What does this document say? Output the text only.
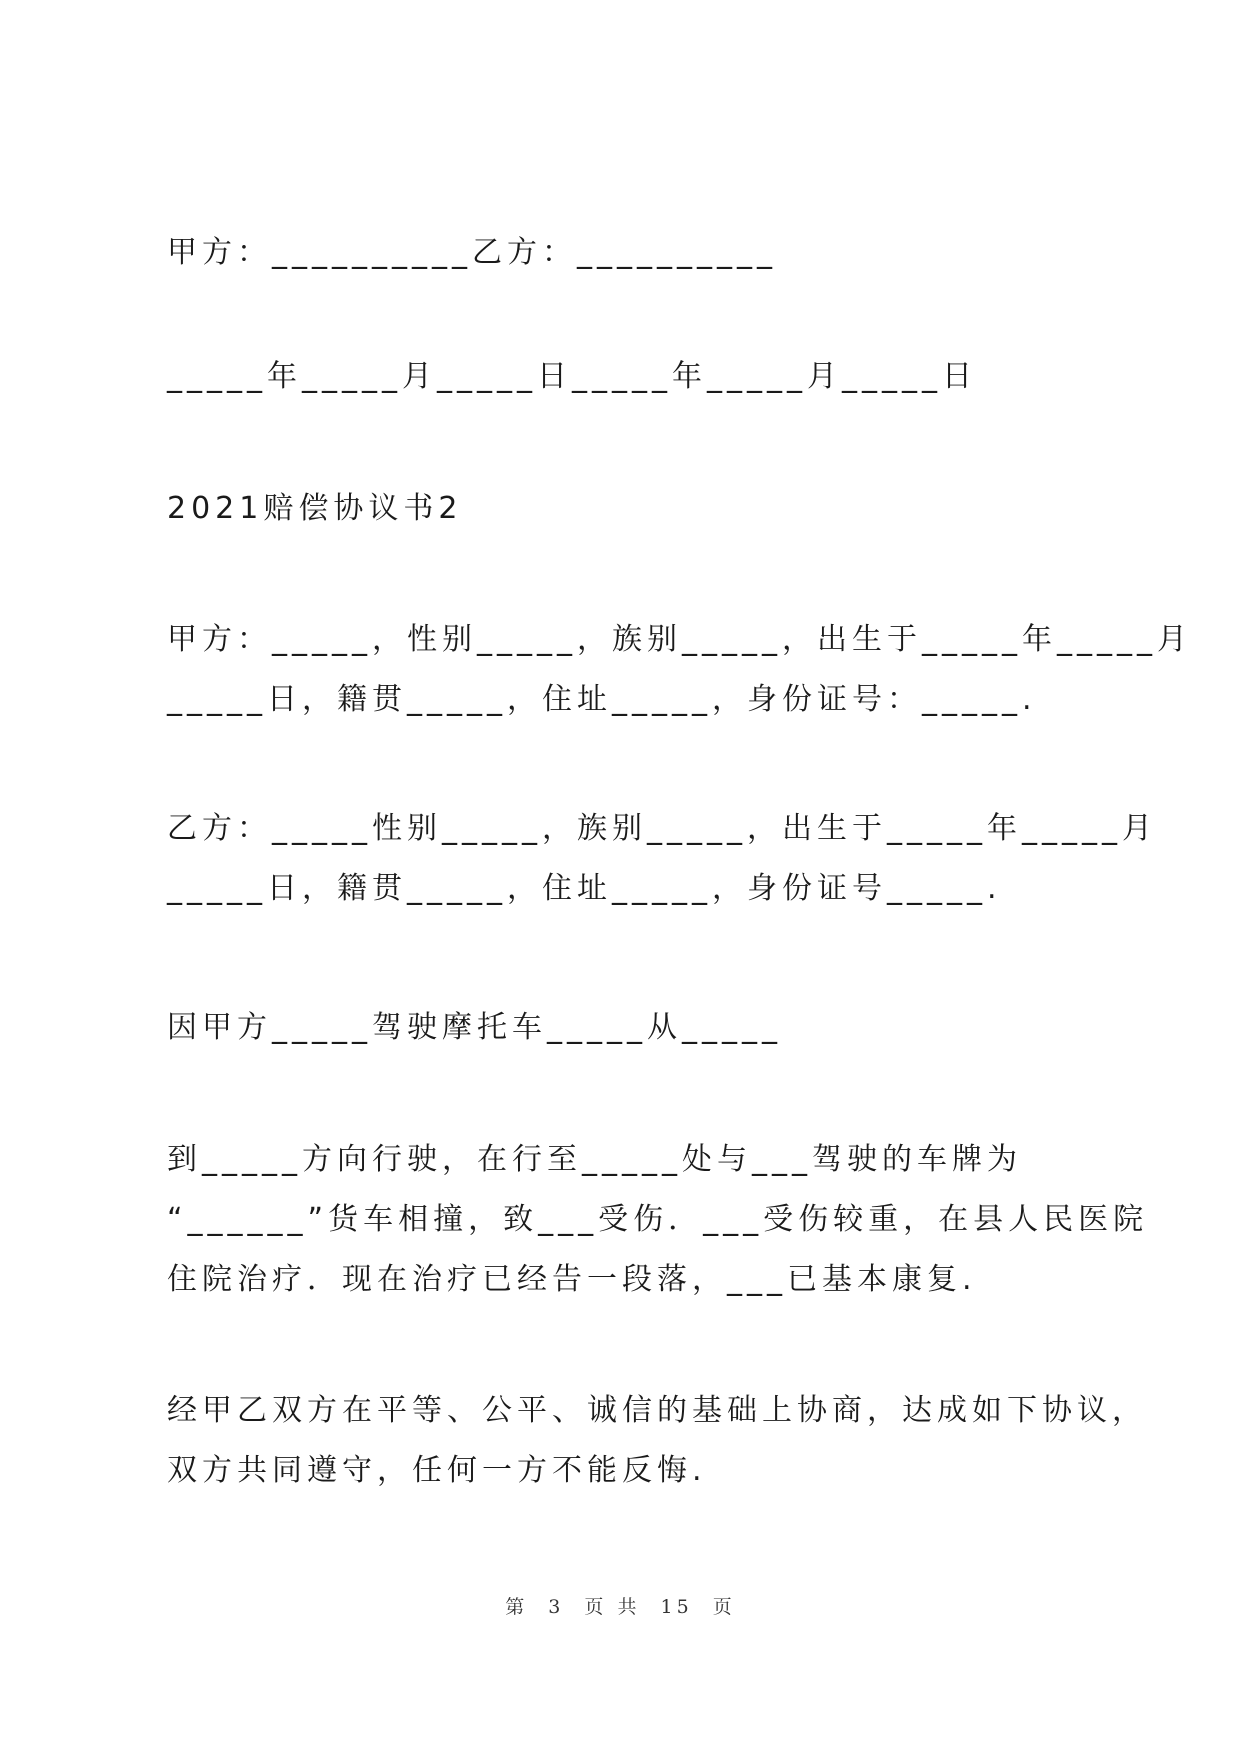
甲方：__________乙方：__________

_____年_____月_____日_____年_____月_____日

2021赔偿协议书2

甲方：_____，性别_____，族别_____，出生于_____年_____月

_____日，籍贯_____，住址_____，身份证号：_____.

乙方：_____性别_____，族别_____，出生于_____年_____月

_____日，籍贯_____，住址_____，身份证号_____.

因甲方_____驾驶摩托车_____从_____

到_____方向行驶，在行至_____处与___驾驶的车牌为

“______”货车相撞，致___受伤．___受伤较重，在县人民医院

住院治疗．现在治疗已经告一段落，___已基本康复.

经甲乙双方在平等、公平、诚信的基础上协商，达成如下协议，

双方共同遵守，任何一方不能反悔.

第  3  页 共  15  页
